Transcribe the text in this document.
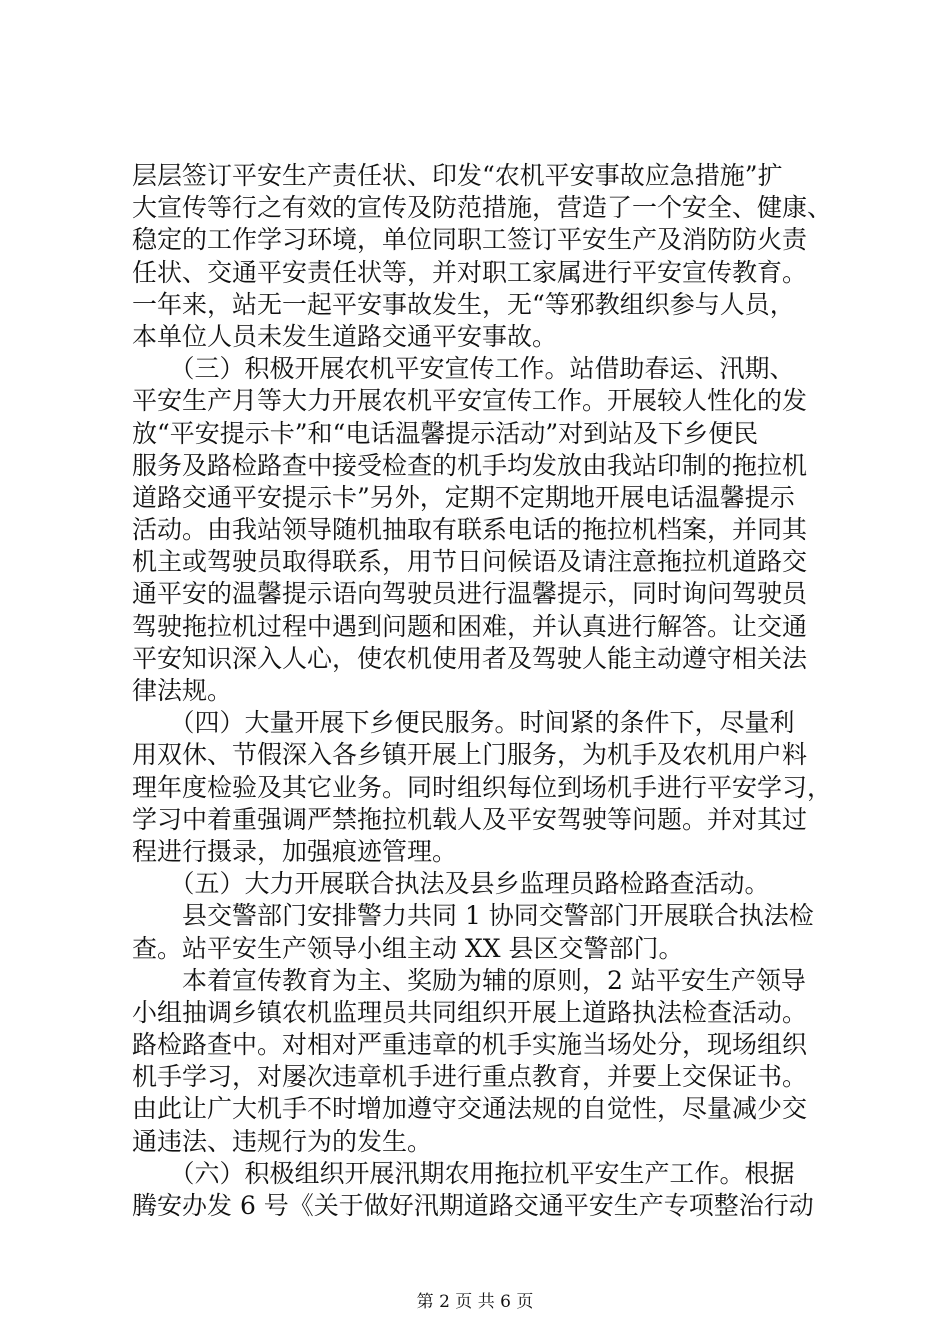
层层签订平安生产责任状、印发“农机平安事故应急措施”扩
大宣传等行之有效的宣传及防范措施，营造了一个安全、健康、
稳定的工作学习环境，单位同职工签订平安生产及消防防火责
任状、交通平安责任状等，并对职工家属进行平安宣传教育。
一年来，站无一起平安事故发生，无“等邪教组织参与人员，
本单位人员未发生道路交通平安事故。
　　（三）积极开展农机平安宣传工作。站借助春运、汛期、
平安生产月等大力开展农机平安宣传工作。开展较人性化的发
放“平安提示卡”和“电话温馨提示活动”对到站及下乡便民
服务及路检路查中接受检查的机手均发放由我站印制的拖拉机
道路交通平安提示卡”另外，定期不定期地开展电话温馨提示
活动。由我站领导随机抽取有联系电话的拖拉机档案，并同其
机主或驾驶员取得联系，用节日问候语及请注意拖拉机道路交
通平安的温馨提示语向驾驶员进行温馨提示，同时询问驾驶员
驾驶拖拉机过程中遇到问题和困难，并认真进行解答。让交通
平安知识深入人心，使农机使用者及驾驶人能主动遵守相关法
律法规。
　　（四）大量开展下乡便民服务。时间紧的条件下，尽量利
用双休、节假深入各乡镇开展上门服务，为机手及农机用户料
理年度检验及其它业务。同时组织每位到场机手进行平安学习，
学习中着重强调严禁拖拉机载人及平安驾驶等问题。并对其过
程进行摄录，加强痕迹管理。
　　（五）大力开展联合执法及县乡监理员路检路查活动。
　　县交警部门安排警力共同 1 协同交警部门开展联合执法检
查。站平安生产领导小组主动 XX 县区交警部门。
　　本着宣传教育为主、奖励为辅的原则，2 站平安生产领导
小组抽调乡镇农机监理员共同组织开展上道路执法检查活动。
路检路查中。对相对严重违章的机手实施当场处分，现场组织
机手学习，对屡次违章机手进行重点教育，并要上交保证书。
由此让广大机手不时增加遵守交通法规的自觉性，尽量减少交
通违法、违规行为的发生。
　　（六）积极组织开展汛期农用拖拉机平安生产工作。根据
腾安办发 6 号《关于做好汛期道路交通平安生产专项整治行动
第 2 页 共 6 页
